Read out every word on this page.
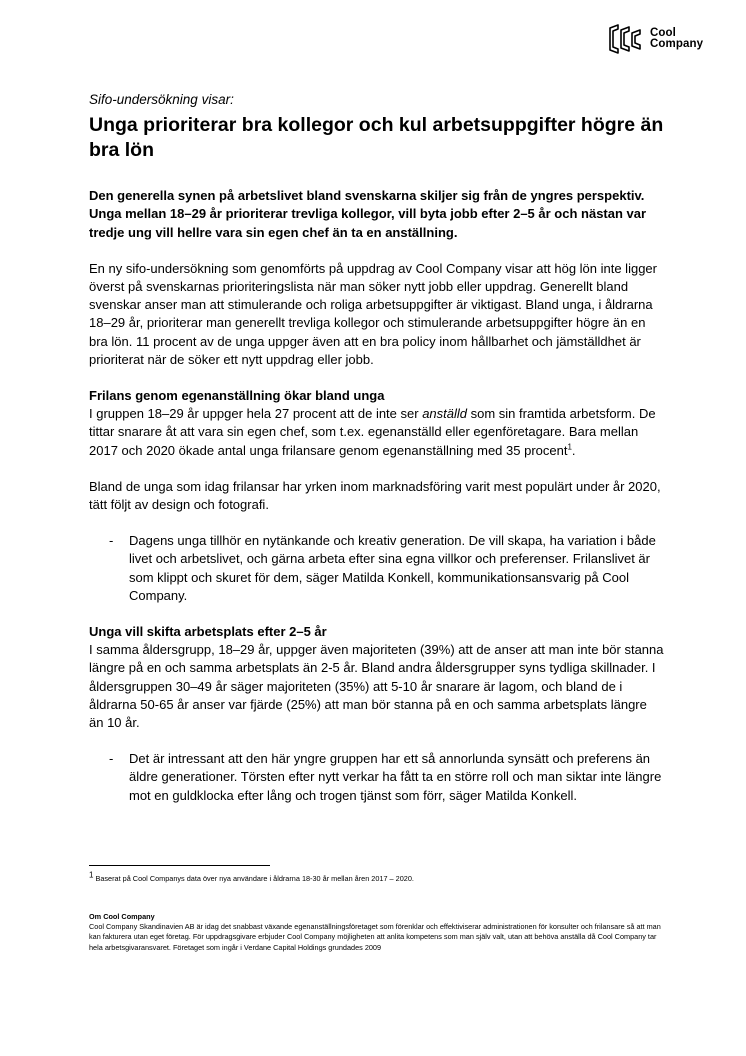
Cool
Company
Sifo-undersökning visar:
Unga prioriterar bra kollegor och kul arbetsuppgifter högre än bra lön

Den generella synen på arbetslivet bland svenskarna skiljer sig från de yngres perspektiv. Unga mellan 18–29 år prioriterar trevliga kollegor, vill byta jobb efter 2–5 år och nästan var tredje ung vill hellre vara sin egen chef än ta en anställning.

En ny sifo-undersökning som genomförts på uppdrag av Cool Company visar att hög lön inte ligger överst på svenskarnas prioriteringslista när man söker nytt jobb eller uppdrag. Generellt bland svenskar anser man att stimulerande och roliga arbetsuppgifter är viktigast. Bland unga, i åldrarna 18–29 år, prioriterar man generellt trevliga kollegor och stimulerande arbetsuppgifter högre än en bra lön. 11 procent av de unga uppger även att en bra policy inom hållbarhet och jämställdhet är prioriterat när de söker ett nytt uppdrag eller jobb.

Frilans genom egenanställning ökar bland unga

I gruppen 18–29 år uppger hela 27 procent att de inte ser anställd som sin framtida arbetsform. De tittar snarare åt att vara sin egen chef, som t.ex. egenanställd eller egenföretagare. Bara mellan 2017 och 2020 ökade antal unga frilansare genom egenanställning med 35 procent$^1$.

Bland de unga som idag frilansar har yrken inom marknadsföring varit mest populärt under år 2020, tätt följt av design och fotografi.

-	Dagens unga tillhör en nytänkande och kreativ generation. De vill skapa, ha variation i både livet och arbetslivet, och gärna arbeta efter sina egna villkor och preferenser. Frilanslivet är som klippt och skuret för dem, säger Matilda Konkell, kommunikationsansvarig på Cool Company.
Unga vill skifta arbetsplats efter 2–5 år

I samma åldersgrupp, 18–29 år, uppger även majoriteten (39%) att de anser att man inte bör stanna längre på en och samma arbetsplats än 2-5 år. Bland andra åldersgrupper syns tydliga skillnader. I åldersgruppen 30–49 år säger majoriteten (35%) att 5-10 år snarare är lagom, och bland de i åldrarna 50-65 år anser var fjärde (25%) att man bör stanna på en och samma arbetsplats längre än 10 år.

-	Det är intressant att den här yngre gruppen har ett så annorlunda synsätt och preferens än äldre generationer. Törsten efter nytt verkar ha fått ta en större roll och man siktar inte längre mot en guldklocka efter lång och trogen tjänst som förr, säger Matilda Konkell.
$^1$ Baserat på Cool Companys data över nya användare i åldrarna 18-30 år mellan åren 2017 – 2020.
Om Cool Company
Cool Company Skandinavien AB är idag det snabbast växande egenanställningsföretaget som förenklar och effektiviserar administrationen för konsulter och frilansare så att man kan fakturera utan eget företag. För uppdragsgivare erbjuder Cool Company möjligheten att anlita kompetens som man själv valt, utan att behöva anställa då Cool Company tar hela arbetsgivaransvaret. Företaget som ingår i Verdane Capital Holdings grundades 2009
